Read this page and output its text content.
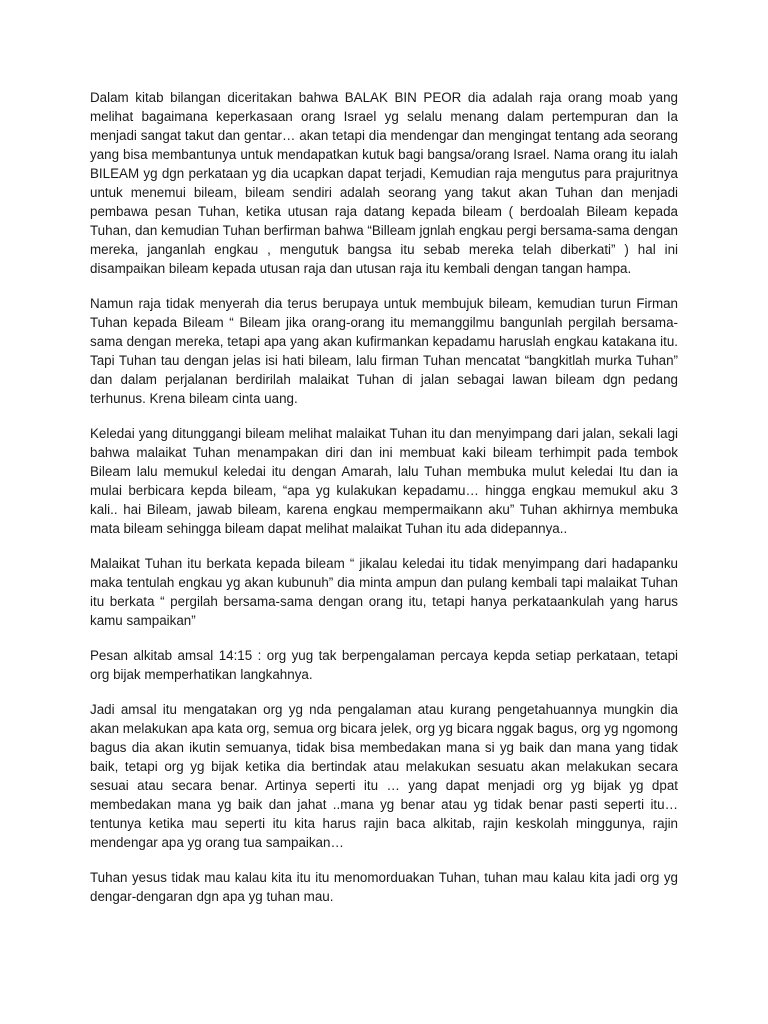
Dalam kitab bilangan diceritakan bahwa BALAK BIN PEOR dia adalah raja orang moab yang melihat bagaimana keperkasaan orang Israel yg selalu menang dalam pertempuran dan Ia menjadi sangat takut dan gentar… akan tetapi dia mendengar dan mengingat tentang ada seorang yang bisa membantunya untuk mendapatkan kutuk bagi bangsa/orang Israel. Nama orang itu ialah BILEAM yg dgn perkataan yg dia ucapkan dapat terjadi, Kemudian raja mengutus para prajuritnya untuk menemui bileam, bileam sendiri adalah seorang yang takut akan Tuhan dan menjadi pembawa pesan Tuhan, ketika utusan raja datang kepada bileam ( berdoalah Bileam kepada Tuhan, dan kemudian Tuhan berfirman bahwa “Billeam jgnlah engkau pergi bersama-sama dengan mereka, janganlah engkau , mengutuk bangsa itu sebab mereka telah diberkati” ) hal ini disampaikan bileam kepada utusan raja dan utusan raja itu kembali dengan tangan hampa.

Namun raja tidak menyerah dia terus berupaya untuk membujuk bileam, kemudian turun Firman Tuhan kepada Bileam “ Bileam jika orang-orang itu memanggilmu bangunlah pergilah bersama-sama dengan mereka, tetapi apa yang akan kufirmankan kepadamu haruslah engkau katakana itu. Tapi Tuhan tau dengan jelas isi hati bileam, lalu firman Tuhan mencatat “bangkitlah murka Tuhan” dan dalam perjalanan berdirilah malaikat Tuhan di jalan sebagai lawan bileam dgn pedang terhunus. Krena bileam cinta uang.

Keledai yang ditunggangi bileam melihat malaikat Tuhan itu dan menyimpang dari jalan, sekali lagi bahwa malaikat Tuhan menampakan diri dan ini membuat kaki bileam terhimpit pada tembok Bileam lalu memukul keledai itu dengan Amarah, lalu Tuhan membuka mulut keledai Itu dan ia mulai berbicara kepda bileam, “apa yg kulakukan kepadamu… hingga engkau memukul aku 3 kali.. hai Bileam, jawab bileam, karena engkau mempermaikann aku” Tuhan akhirnya membuka mata bileam sehingga bileam dapat melihat malaikat Tuhan itu ada didepannya..

Malaikat Tuhan itu berkata kepada bileam “ jikalau keledai itu tidak menyimpang dari hadapanku maka tentulah engkau yg akan kubunuh” dia minta ampun dan pulang kembali tapi malaikat Tuhan itu berkata “ pergilah bersama-sama dengan orang itu, tetapi hanya perkataankulah yang harus kamu sampaikan”

Pesan alkitab amsal 14:15 : org yug tak berpengalaman percaya kepda setiap perkataan, tetapi org bijak memperhatikan langkahnya.

Jadi amsal itu mengatakan org yg nda pengalaman atau kurang pengetahuannya mungkin dia akan melakukan apa kata org, semua org bicara jelek, org yg bicara nggak bagus, org yg ngomong bagus dia akan ikutin semuanya, tidak bisa membedakan mana si yg baik dan mana yang tidak baik, tetapi org yg bijak ketika dia bertindak atau melakukan sesuatu akan melakukan secara sesuai atau secara benar. Artinya seperti itu … yang dapat menjadi org yg bijak yg dpat membedakan mana yg baik dan jahat ..mana yg benar atau yg tidak benar pasti seperti itu…tentunya ketika mau seperti itu kita harus rajin baca alkitab, rajin keskolah minggunya, rajin mendengar apa yg orang tua sampaikan…

Tuhan yesus tidak mau kalau kita itu itu menomorduakan Tuhan, tuhan mau kalau kita jadi org yg dengar-dengaran dgn apa yg tuhan mau.
